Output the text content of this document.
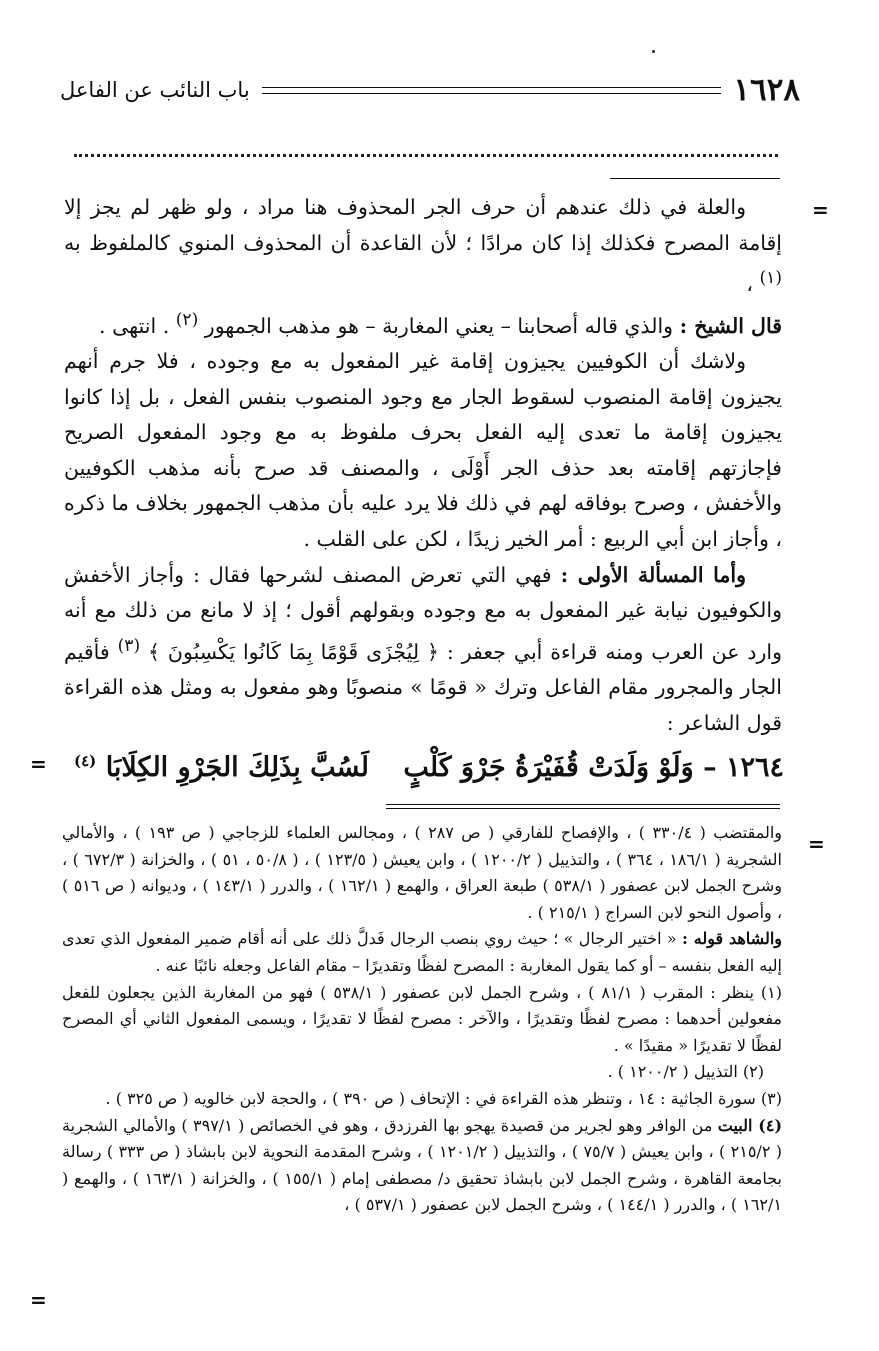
١٦٢٨
باب النائب عن الفاعل
=

والعلة في ذلك عندهم أن حرف الجر المحذوف هنا مراد ، ولو ظهر لم يجز إلا إقامة المصرح فكذلك إذا كان مرادًا ؛ لأن القاعدة أن المحذوف المنوي كالملفوظ به $^{(١)}$ ،

قال الشيخ : والذي قاله أصحابنا – يعني المغاربة – هو مذهب الجمهور $^{(٢)}$ . انتهى .

ولاشك أن الكوفيين يجيزون إقامة غير المفعول به مع وجوده ، فلا جرم أنهم يجيزون إقامة المنصوب لسقوط الجار مع وجود المنصوب بنفس الفعل ، بل إذا كانوا يجيزون إقامة ما تعدى إليه الفعل بحرف ملفوظ به مع وجود المفعول الصريح فإجازتهم إقامته بعد حذف الجر أَوْلَى ، والمصنف قد صرح بأنه مذهب الكوفيين والأخفش ، وصرح بوفاقه لهم في ذلك فلا يرد عليه بأن مذهب الجمهور بخلاف ما ذكره ، وأجاز ابن أبي الربيع : أمر الخير زيدًا ، لكن على القلب .

وأما المسألة الأولى : فهي التي تعرض المصنف لشرحها فقال : وأجاز الأخفش والكوفيون نيابة غير المفعول به مع وجوده وبقولهم أقول ؛ إذ لا مانع من ذلك مع أنه وارد عن العرب ومنه قراءة أبي جعفر : ﴿ لِيُجْزَى قَوْمًا بِمَا كَانُوا يَكْسِبُونَ ﴾ $^{(٣)}$ فأقيم الجار والمجرور مقام الفاعل وترك « قومًا » منصوبًا وهو مفعول به ومثل هذه القراءة قول الشاعر :

١٢٦٤ – وَلَوْ وَلَدَتْ قُفَيْرَةُ جَرْوَ كَلْبٍ
لَسُبَّ بِذَلِكَ الجَرْوِ الكِلَابَا $^{(٤)}$
=
=

والمقتضب ( ٣٣٠/٤ ) ، والإفصاح للفارقي ( ص ٢٨٧ ) ، ومجالس العلماء للزجاجي ( ص ١٩٣ ) ، والأمالي الشجرية ( ١٨٦/١ ، ٣٦٤ ) ، والتذييل ( ١٢٠٠/٢ ) ، وابن يعيش ( ١٢٣/٥ ) ، ( ٥٠/٨ ، ٥١ ) ، والخزانة ( ٦٧٢/٣ ) ، وشرح الجمل لابن عصفور ( ٥٣٨/١ ) طبعة العراق ، والهمع ( ١٦٢/١ ) ، والدرر ( ١٤٣/١ ) ، وديوانه ( ص ٥١٦ ) ، وأصول النحو لابن السراج ( ٢١٥/١ ) .

والشاهد قوله : « اختير الرجال » ؛ حيث روي بنصب الرجال فَدلَّ ذلك على أنه أقام ضمير المفعول الذي تعدى إليه الفعل بنفسه – أو كما يقول المغاربة : المصرح لفظًا وتقديرًا – مقام الفاعل وجعله نائبًا عنه .

(١) ينظر : المقرب ( ٨١/١ ) ، وشرح الجمل لابن عصفور ( ٥٣٨/١ ) فهو من المغاربة الذين يجعلون للفعل مفعولين أحدهما : مصرح لفظًا وتقديرًا ، والآخر : مصرح لفظًا لا تقديرًا ، ويسمى المفعول الثاني أي المصرح لفظًا لا تقديرًا « مقيدًا » .

(٢) التذييل ( ١٢٠٠/٢ ) .

(٣) سورة الجاثية : ١٤ ، وتنظر هذه القراءة في : الإتحاف ( ص ٣٩٠ ) ، والحجة لابن خالويه ( ص ٣٢٥ ) .

(٤) البيت من الوافر وهو لجرير من قصيدة يهجو بها الفرزدق ، وهو في الخصائص ( ٣٩٧/١ ) والأمالي الشجرية ( ٢١٥/٢ ) ، وابن يعيش ( ٧٥/٧ ) ، والتذييل ( ١٢٠١/٢ ) ، وشرح المقدمة النحوية لابن بابشاذ ( ص ٣٣٣ ) رسالة بجامعة القاهرة ، وشرح الجمل لابن بابشاذ تحقيق د/ مصطفى إمام ( ١٥٥/١ ) ، والخزانة ( ١٦٣/١ ) ، والهمع ( ١٦٢/١ ) ، والدرر ( ١٤٤/١ ) ، وشرح الجمل لابن عصفور ( ٥٣٧/١ ) ،

=
